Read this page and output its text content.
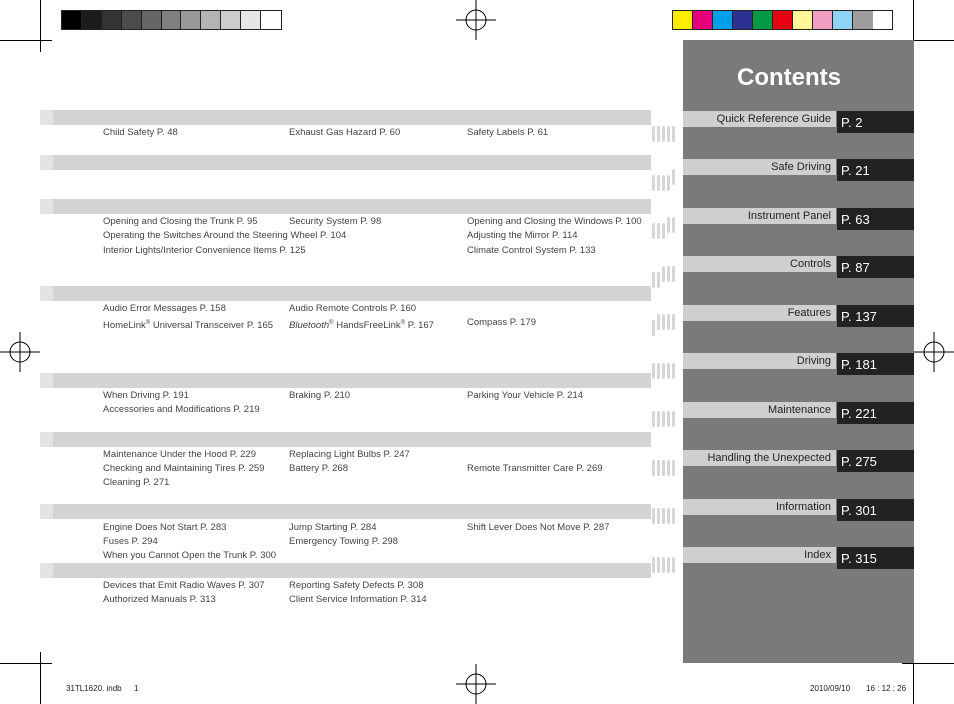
Child Safety P. 48	Exhaust Gas Hazard P. 60	Safety Labels P. 61
Opening and Closing the Trunk P. 95	Security System P. 98	Opening and Closing the Windows P. 100
Operating the Switches Around the Steering Wheel P. 104	Adjusting the Mirror P. 114
Interior Lights/Interior Convenience Items P. 125	Climate Control System P. 133
Audio Error Messages P. 158	Audio Remote Controls P. 160
HomeLink® Universal Transceiver P. 165 Bluetooth® HandsFreeLink® P. 167	Compass P. 179
When Driving P. 191	Braking P. 210	Parking Your Vehicle P. 214
Accessories and Modifications P. 219
Maintenance Under the Hood P. 229	Replacing Light Bulbs P. 247
Checking and Maintaining Tires P. 259	Battery P. 268	Remote Transmitter Care P. 269
Cleaning P. 271
Engine Does Not Start P. 283	Jump Starting P. 284	Shift Lever Does Not Move P. 287
Fuses P. 294	Emergency Towing P. 298
When you Cannot Open the Trunk P. 300
Devices that Emit Radio Waves P. 307	Reporting Safety Defects P. 308
Authorized Manuals P. 313	Client Service Information P. 314
Contents
Quick Reference Guide P. 2
Safe Driving P. 21
Instrument Panel P. 63
Controls P. 87
Features P. 137
Driving P. 181
Maintenance P. 221
Handling the Unexpected P. 275
Information P. 301
Index P. 315
31TL1620. indb 1	2010/09/10 16 : 12 : 26
